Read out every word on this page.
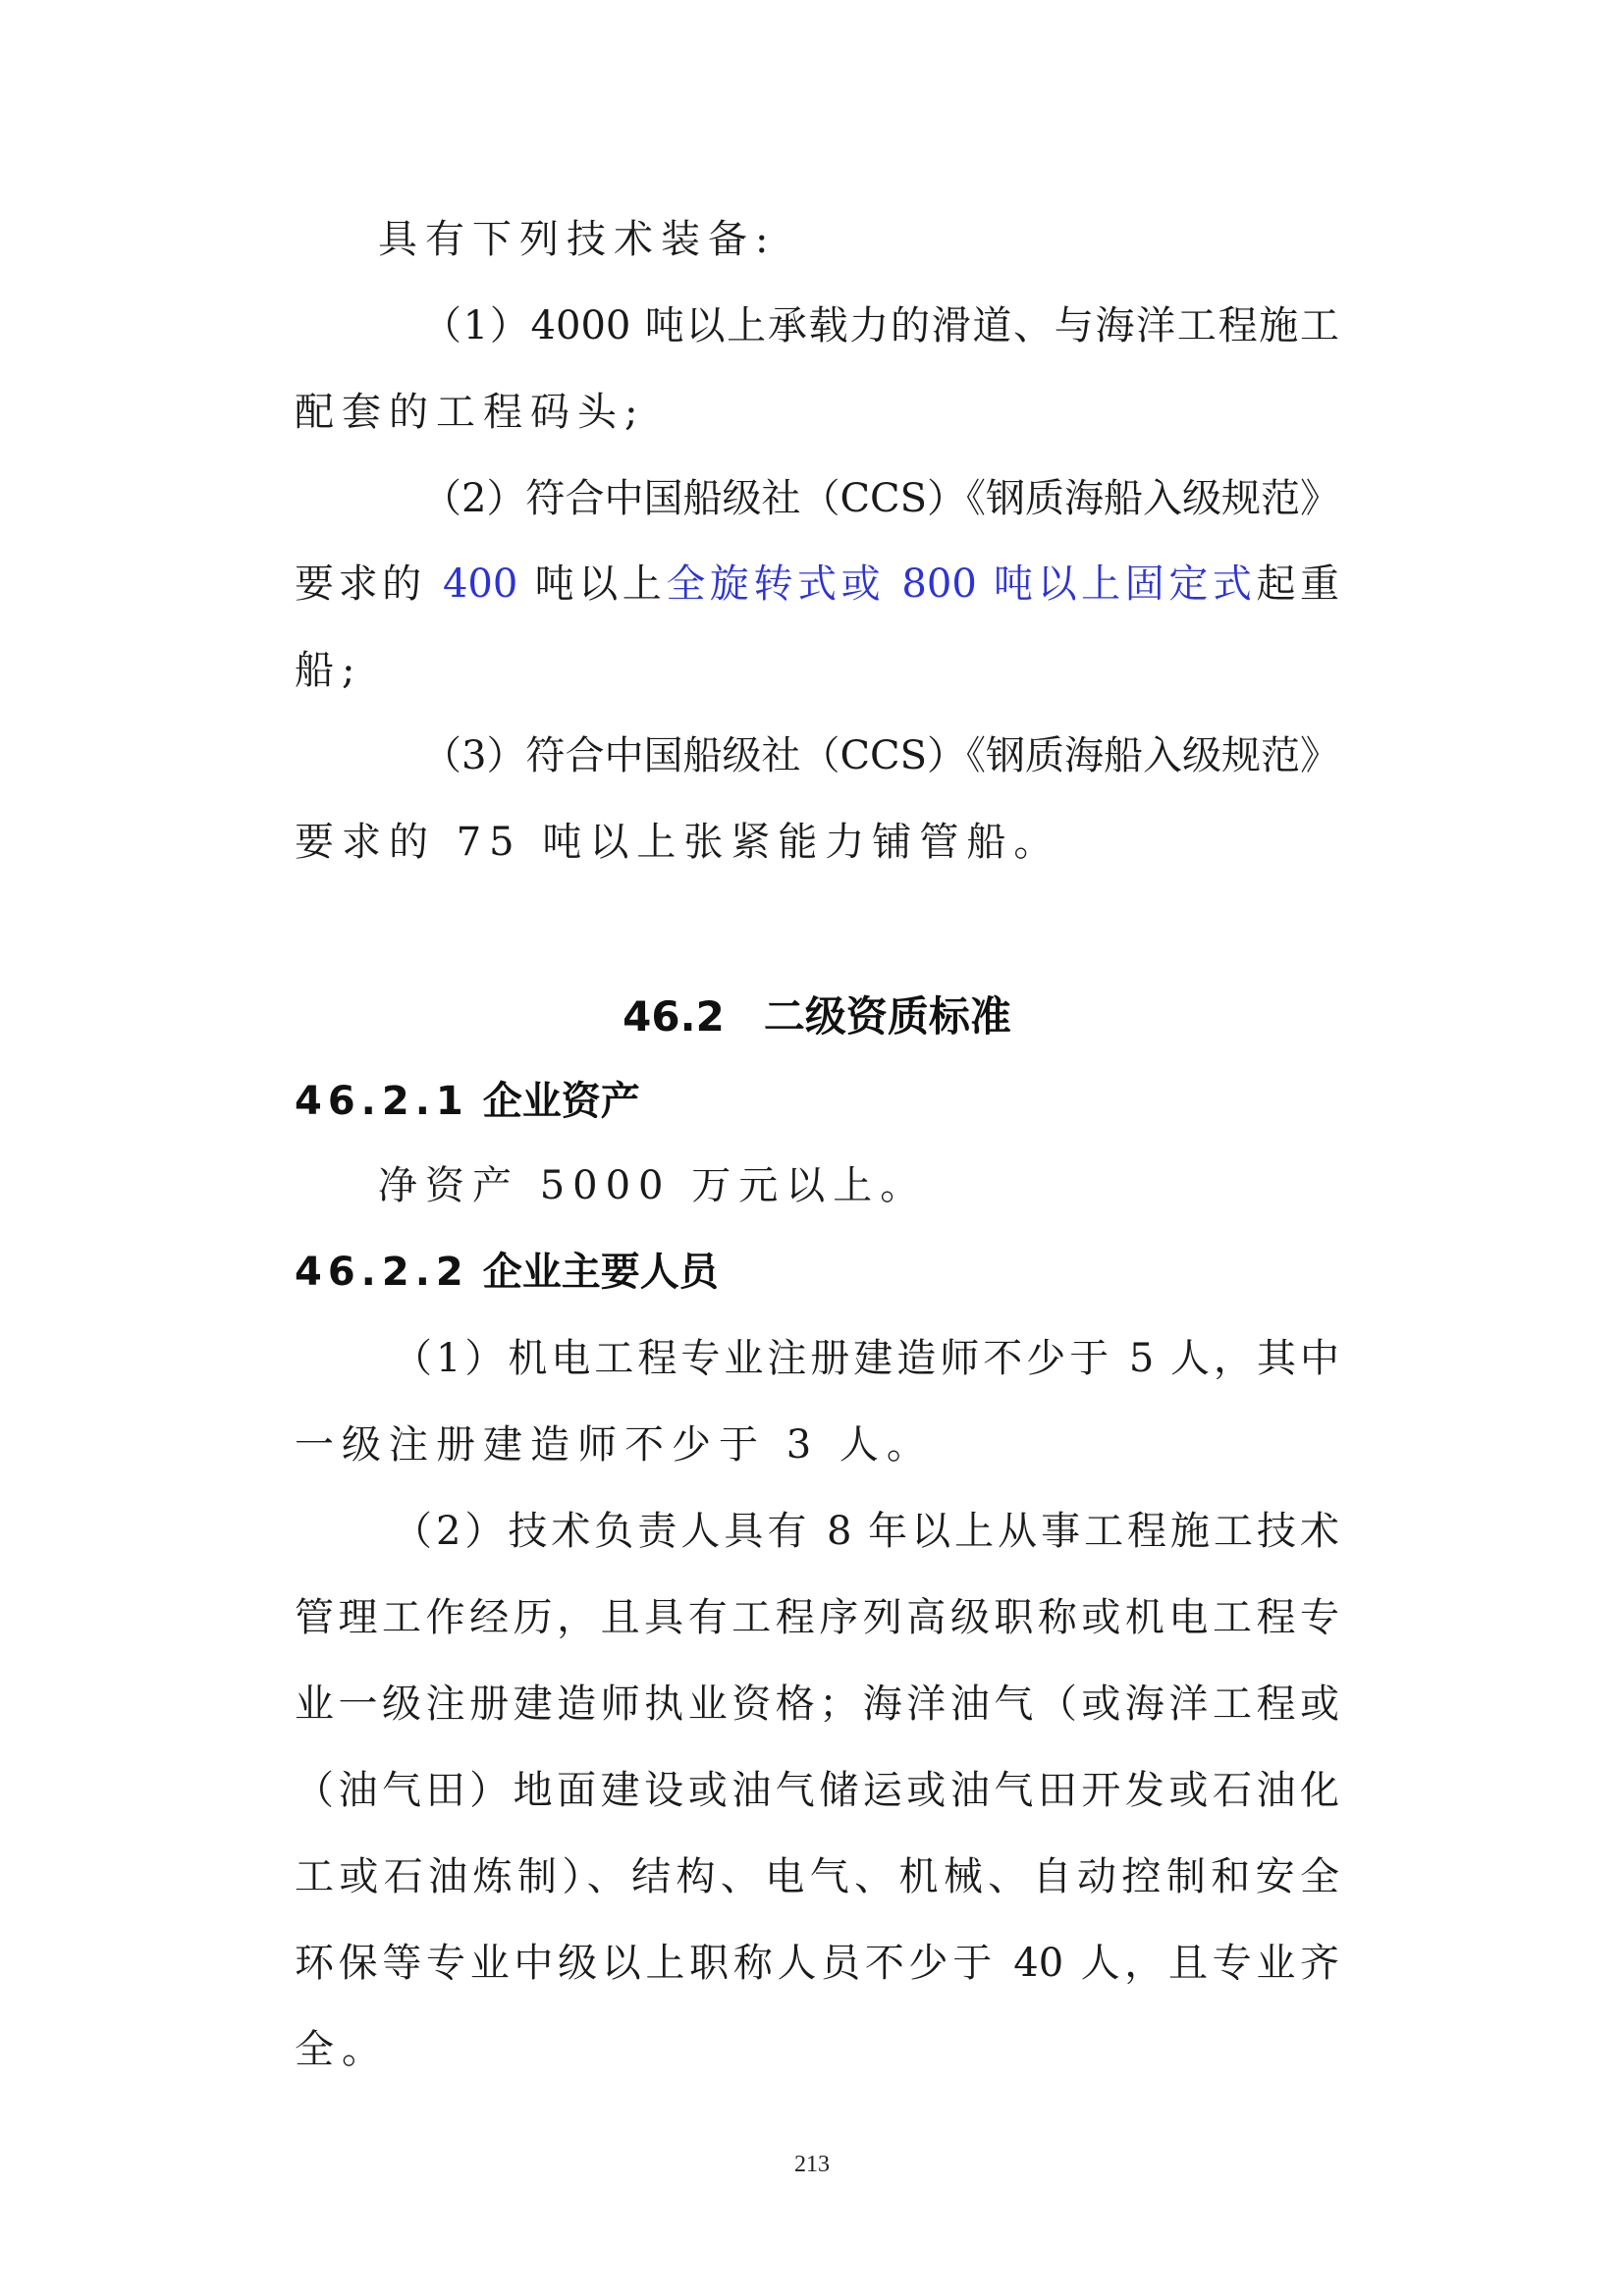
具有下列技术装备:
（1）4000 吨以上承载力的滑道、与海洋工程施工
配套的工程码头;
（2）符合中国船级社（CCS）《钢质海船入级规范》
要求的 400 吨以上全旋转式或 800 吨以上固定式起重
船;
（3）符合中国船级社（CCS）《钢质海船入级规范》
要求的 75 吨以上张紧能力铺管船。
46.2 二级资质标准
46.2.1 企业资产
净资产 5000 万元以上。
46.2.2 企业主要人员
（1）机电工程专业注册建造师不少于 5 人，其中
一级注册建造师不少于 3 人。
（2）技术负责人具有 8 年以上从事工程施工技术
管理工作经历，且具有工程序列高级职称或机电工程专
业一级注册建造师执业资格；海洋油气（或海洋工程或
（油气田）地面建设或油气储运或油气田开发或石油化
工或石油炼制）、结构、电气、机械、自动控制和安全
环保等专业中级以上职称人员不少于 40 人，且专业齐
全。
213
